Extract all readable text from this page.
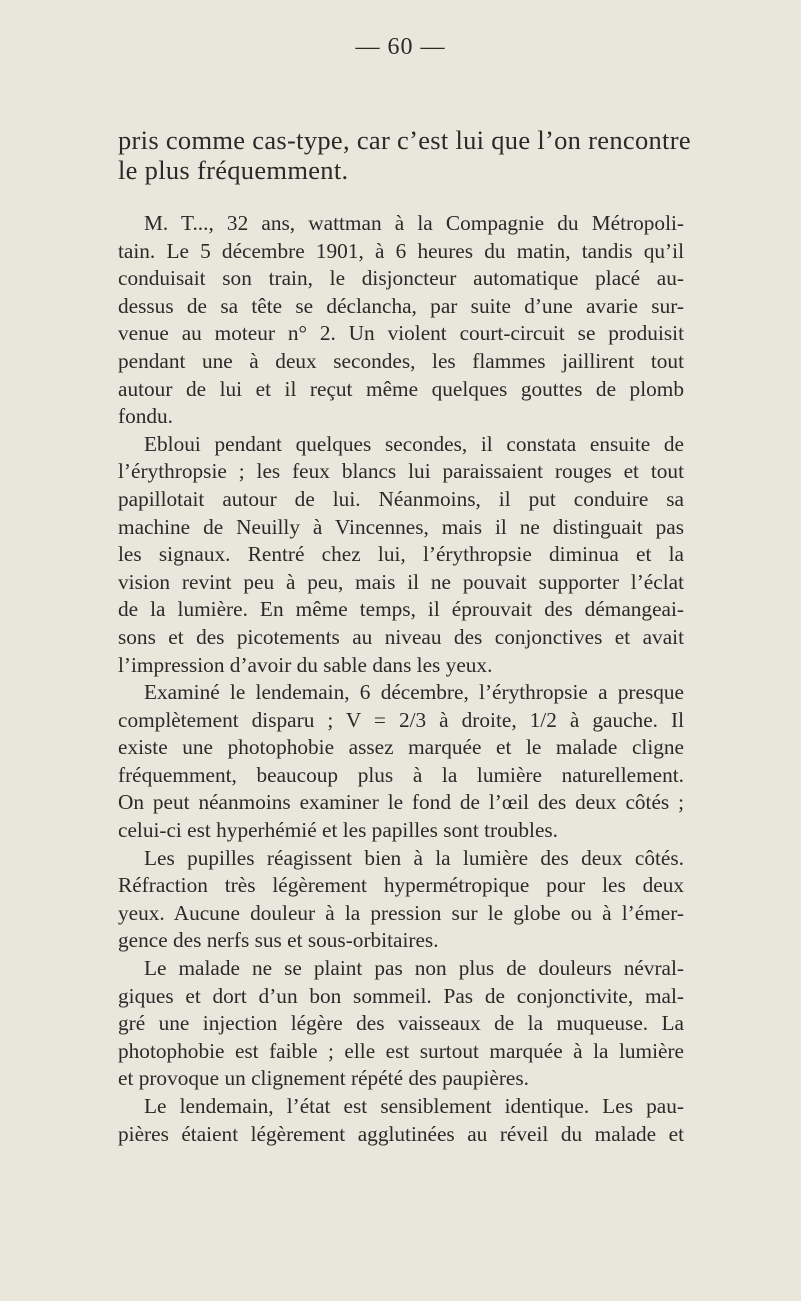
— 60 —
pris comme cas-type, car c’est lui que l’on rencontre
le plus fréquemment.
M. T..., 32 ans, wattman à la Compagnie du Métropoli-
tain. Le 5 décembre 1901, à 6 heures du matin, tandis qu’il
conduisait son train, le disjoncteur automatique placé au-
dessus de sa tête se déclancha, par suite d’une avarie sur-
venue au moteur n° 2. Un violent court-circuit se produisit
pendant une à deux secondes, les flammes jaillirent tout
autour de lui et il reçut même quelques gouttes de plomb
fondu.
Ebloui pendant quelques secondes, il constata ensuite de
l’érythropsie ; les feux blancs lui paraissaient rouges et tout
papillotait autour de lui. Néanmoins, il put conduire sa
machine de Neuilly à Vincennes, mais il ne distinguait pas
les signaux. Rentré chez lui, l’érythropsie diminua et la
vision revint peu à peu, mais il ne pouvait supporter l’éclat
de la lumière. En même temps, il éprouvait des démangeai-
sons et des picotements au niveau des conjonctives et avait
l’impression d’avoir du sable dans les yeux.
Examiné le lendemain, 6 décembre, l’érythropsie a presque
complètement disparu ; V = 2/3 à droite, 1/2 à gauche. Il
existe une photophobie assez marquée et le malade cligne
fréquemment, beaucoup plus à la lumière naturellement.
On peut néanmoins examiner le fond de l’œil des deux côtés ;
celui-ci est hyperhémié et les papilles sont troubles.
Les pupilles réagissent bien à la lumière des deux côtés.
Réfraction très légèrement hypermétropique pour les deux
yeux. Aucune douleur à la pression sur le globe ou à l’émer-
gence des nerfs sus et sous-orbitaires.
Le malade ne se plaint pas non plus de douleurs névral-
giques et dort d’un bon sommeil. Pas de conjonctivite, mal-
gré une injection légère des vaisseaux de la muqueuse. La
photophobie est faible ; elle est surtout marquée à la lumière
et provoque un clignement répété des paupières.
Le lendemain, l’état est sensiblement identique. Les pau-
pières étaient légèrement agglutinées au réveil du malade et
